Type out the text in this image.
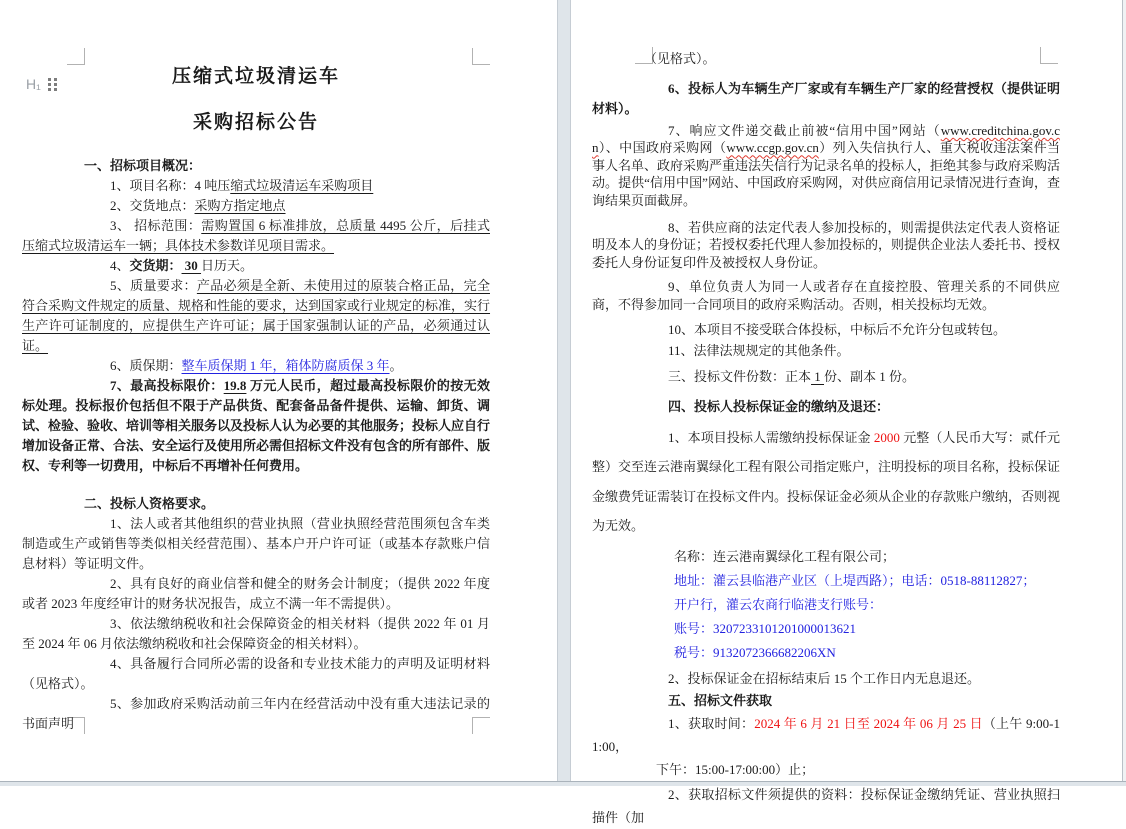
H₁	压缩式垃圾清运车

采购招标公告

一、招标项目概况：

1、项目名称：4 吨压缩式垃圾清运车采购项目

2、交货地点：采购方指定地点

3、 招标范围：需购置国 6 标准排放，总质量 4495 公斤，后挂式压缩式垃圾清运车一辆；具体技术参数详见项目需求。

4、交货期： 30 日历天。

5、质量要求：产品必须是全新、未使用过的原装合格正品，完全符合采购文件规定的质量、规格和性能的要求，达到国家或行业规定的标准，实行生产许可证制度的，应提供生产许可证；属于国家强制认证的产品，必须通过认证。

6、质保期：整车质保期 1 年，箱体防腐质保 3 年。

7、最高投标限价：19.8 万元人民币，超过最高投标限价的按无效标处理。投标报价包括但不限于产品供货、配套备品备件提供、运输、卸货、调试、检验、验收、培训等相关服务以及投标人认为必要的其他服务；投标人应自行增加设备正常、合法、安全运行及使用所必需但招标文件没有包含的所有部件、版权、专利等一切费用，中标后不再增补任何费用。

二、投标人资格要求。

1、法人或者其他组织的营业执照（营业执照经营范围须包含车类制造或生产或销售等类似相关经营范围）、基本户开户许可证（或基本存款账户信息材料）等证明文件。

2、具有良好的商业信誉和健全的财务会计制度；（提供 2022 年度或者 2023 年度经审计的财务状况报告，成立不满一年不需提供）。

3、依法缴纳税收和社会保障资金的相关材料（提供 2022 年 01 月至 2024 年 06 月依法缴纳税收和社会保障资金的相关材料）。

4、具备履行合同所必需的设备和专业技术能力的声明及证明材料（见格式）。

5、参加政府采购活动前三年内在经营活动中没有重大违法记录的书面声明

（见格式）。

6、投标人为车辆生产厂家或有车辆生产厂家的经营授权（提供证明材料）。

7、响应文件递交截止前被“信用中国”网站（www.creditchina.gov.cn）、中国政府采购网（www.ccgp.gov.cn）列入失信执行人、重大税收违法案件当事人名单、政府采购严重违法失信行为记录名单的投标人，拒绝其参与政府采购活动。提供“信用中国”网站、中国政府采购网，对供应商信用记录情况进行查询，查询结果页面截屏。

8、若供应商的法定代表人参加投标的，则需提供法定代表人资格证明及本人的身份证；若授权委托代理人参加投标的，则提供企业法人委托书、授权委托人身份证复印件及被授权人身份证。

9、单位负责人为同一人或者存在直接控股、管理关系的不同供应商，不得参加同一合同项目的政府采购活动。否则，相关投标均无效。

10、本项目不接受联合体投标，中标后不允许分包或转包。

11、法律法规规定的其他条件。

三、投标文件份数：正本 1 份、副本 1 份。

四、投标人投标保证金的缴纳及退还：

1、本项目投标人需缴纳投标保证金 2000 元整（人民币大写：贰仟元整）交至连云港南翼绿化工程有限公司指定账户，注明投标的项目名称，投标保证金缴费凭证需装订在投标文件内。投标保证金必须从企业的存款账户缴纳，否则视为无效。

名称：连云港南翼绿化工程有限公司；

地址：灌云县临港产业区（上堤西路）；电话：0518-88112827；

开户行，灌云农商行临港支行账号：

账号：3207233101201000013621

税号：9132072366682206XN

2、投标保证金在招标结束后 15 个工作日内无息退还。

五、招标文件获取

1、获取时间：2024 年 6 月 21 日至 2024 年 06 月 25 日（上午 9:00-11:00，

下午：15:00-17:00:00）止；

2、获取招标文件须提供的资料：投标保证金缴纳凭证、营业执照扫描件（加
